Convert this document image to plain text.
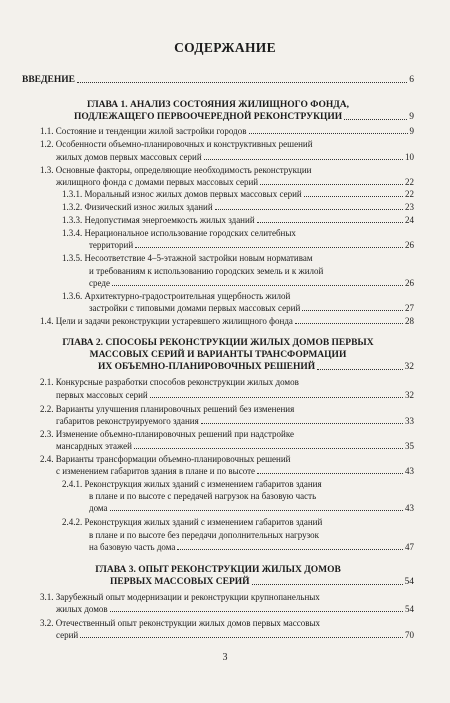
СОДЕРЖАНИЕ
ВВЕДЕНИЕ	6
ГЛАВА 1. АНАЛИЗ СОСТОЯНИЯ ЖИЛИЩНОГО ФОНДА,
ПОДЛЕЖАЩЕГО ПЕРВООЧЕРЕДНОЙ РЕКОНСТРУКЦИИ	9
1.1. Состояние и тенденции жилой застройки городов	9
1.2. Особенности объемно-планировочных и конструктивных решений
жилых домов первых массовых серий	10
1.3. Основные факторы, определяющие необходимость реконструкции
жилищного фонда с домами первых массовых серий	22
1.3.1. Моральный износ жилых домов первых массовых серий	22
1.3.2. Физический износ жилых зданий	23
1.3.3. Недопустимая энергоемкость жилых зданий	24
1.3.4. Нерациональное использование городских селитебных
территорий	26
1.3.5. Несоответствие 4–5-этажной застройки новым нормативам
и требованиям к использованию городских земель и к жилой
среде	26
1.3.6. Архитектурно-градостроительная ущербность жилой
застройки с типовыми домами первых массовых серий	27
1.4. Цели и задачи реконструкции устаревшего жилищного фонда	28
ГЛАВА 2. СПОСОБЫ РЕКОНСТРУКЦИИ ЖИЛЫХ ДОМОВ ПЕРВЫХ
МАССОВЫХ СЕРИЙ И ВАРИАНТЫ ТРАНСФОРМАЦИИ
ИХ ОБЪЕМНО-ПЛАНИРОВОЧНЫХ РЕШЕНИЙ	32
2.1. Конкурсные разработки способов реконструкции жилых домов
первых массовых серий	32
2.2. Варианты улучшения планировочных решений без изменения
габаритов реконструируемого здания	33
2.3. Изменение объемно-планировочных решений при надстройке
мансардных этажей	35
2.4. Варианты трансформации объемно-планировочных решений
с изменением габаритов здания в плане и по высоте	43
2.4.1. Реконструкция жилых зданий с изменением габаритов здания
в плане и по высоте с передачей нагрузок на базовую часть
дома	43
2.4.2. Реконструкция жилых зданий с изменением габаритов зданий
в плане и по высоте без передачи дополнительных нагрузок
на базовую часть дома	47
ГЛАВА 3. ОПЫТ РЕКОНСТРУКЦИИ ЖИЛЫХ ДОМОВ
ПЕРВЫХ МАССОВЫХ СЕРИЙ	54
3.1. Зарубежный опыт модернизации и реконструкции крупнопанельных
жилых домов	54
3.2. Отечественный опыт реконструкции жилых домов первых массовых
серий	70
3
